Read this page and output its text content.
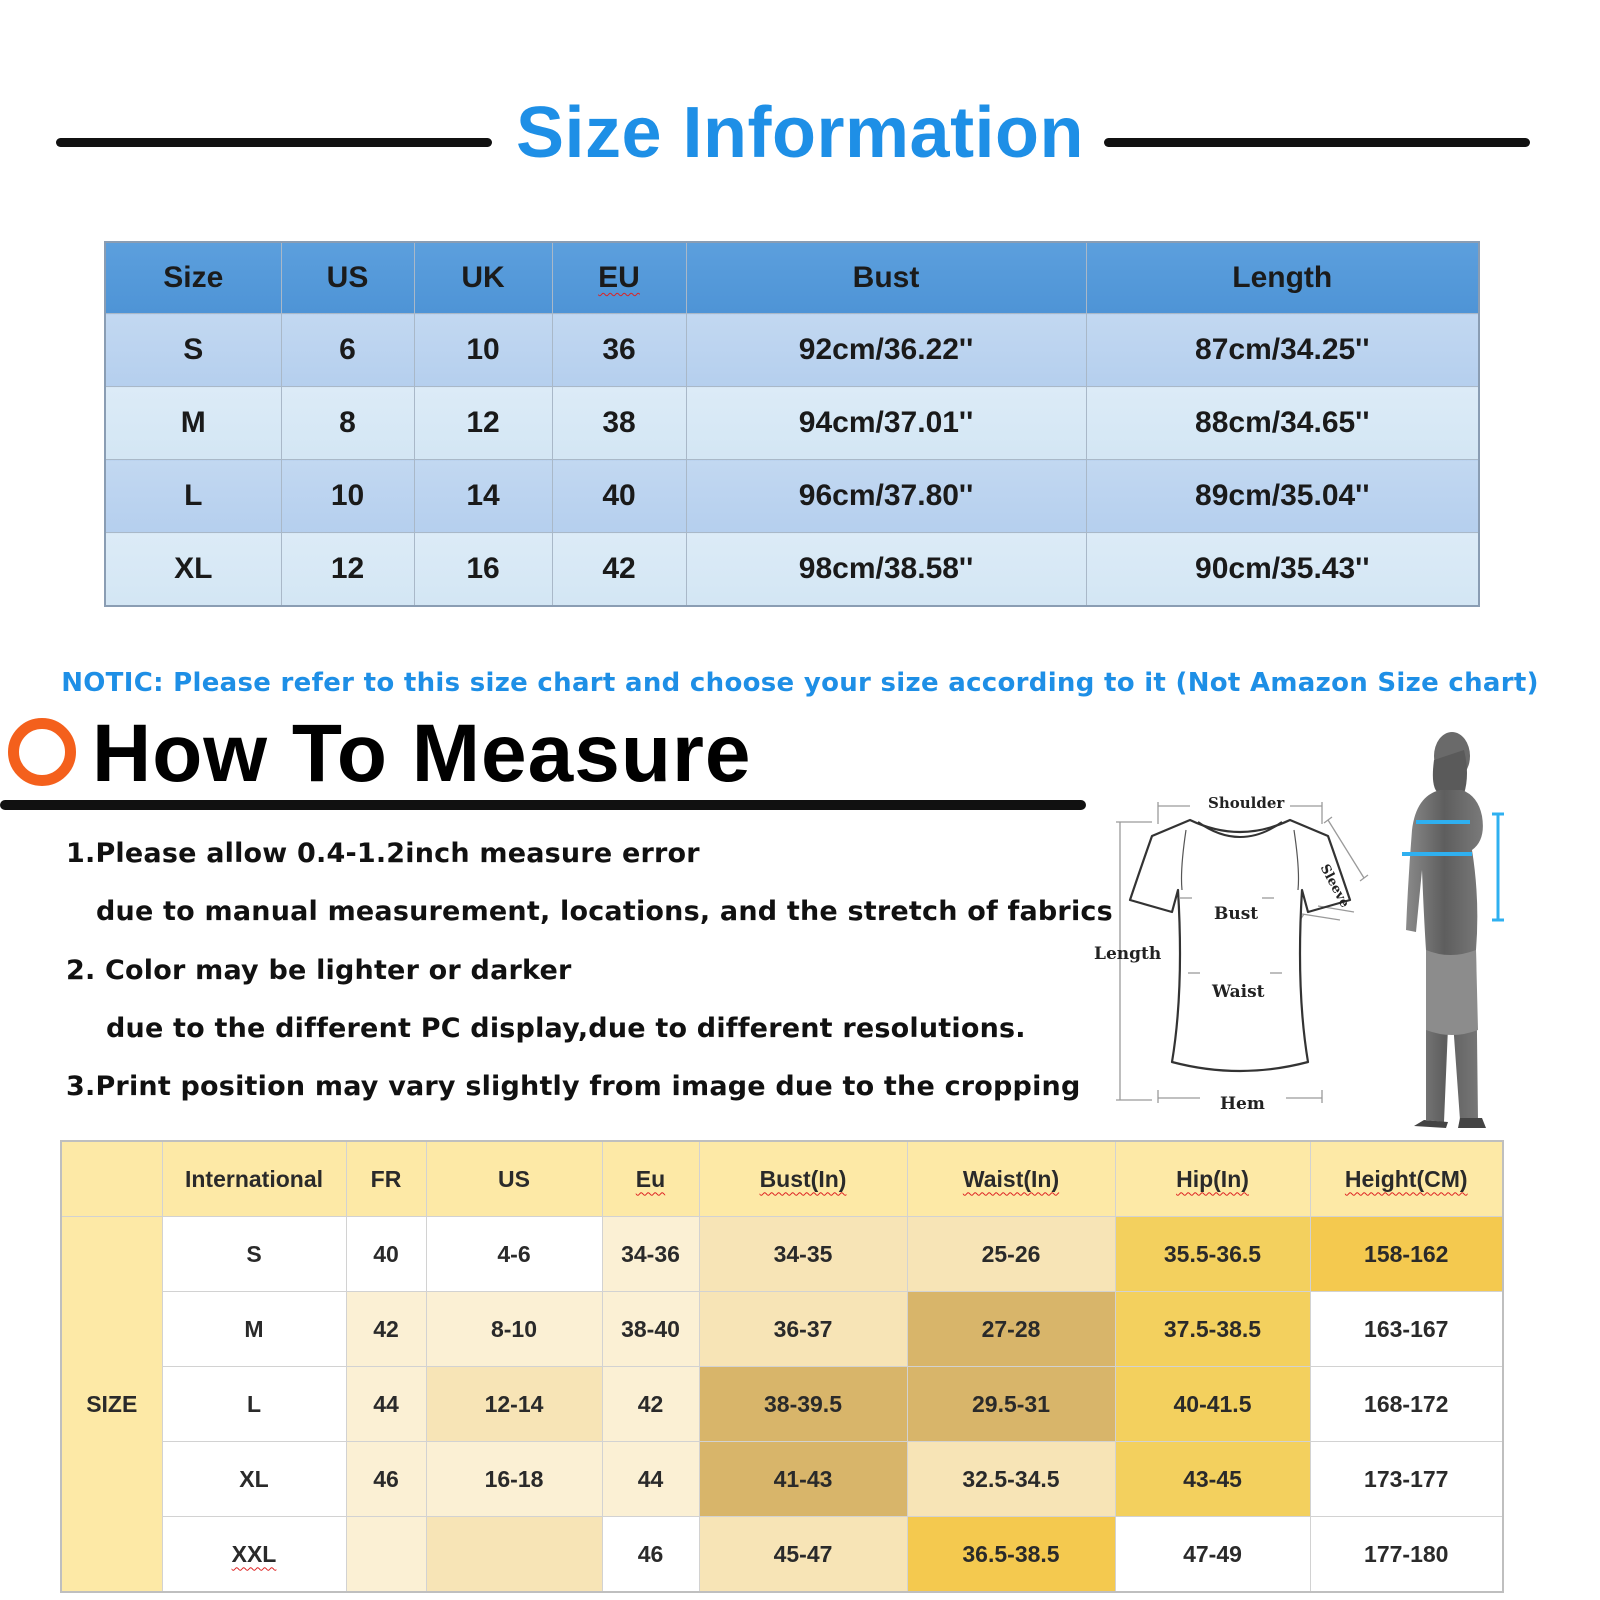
Size Information
Size	US	UK	EU	Bust	Length
S	6	10	36	92cm/36.22''	87cm/34.25''
M	8	12	38	94cm/37.01''	88cm/34.65''
L	10	14	40	96cm/37.80''	89cm/35.04''
XL	12	16	42	98cm/38.58''	90cm/35.43''
NOTIC: Please refer to this size chart and choose your size according to it (Not Amazon Size chart)
How To Measure
1.Please allow 0.4-1.2inch measure error
due to manual measurement, locations, and the stretch of fabrics
2. Color may be lighter or darker
due to the different PC display,due to different resolutions.
3.Print position may vary slightly from image due to the cropping
Shoulder
Sleeve
Bust
Length
Waist
Hem
	International	FR	US	Eu	Bust(In)	Waist(In)	Hip(In)	Height(CM)
SIZE	S	40	4-6	34-36	34-35	25-26	35.5-36.5	158-162
	M	42	8-10	38-40	36-37	27-28	37.5-38.5	163-167
	L	44	12-14	42	38-39.5	29.5-31	40-41.5	168-172
	XL	46	16-18	44	41-43	32.5-34.5	43-45	173-177
	XXL			46	45-47	36.5-38.5	47-49	177-180
